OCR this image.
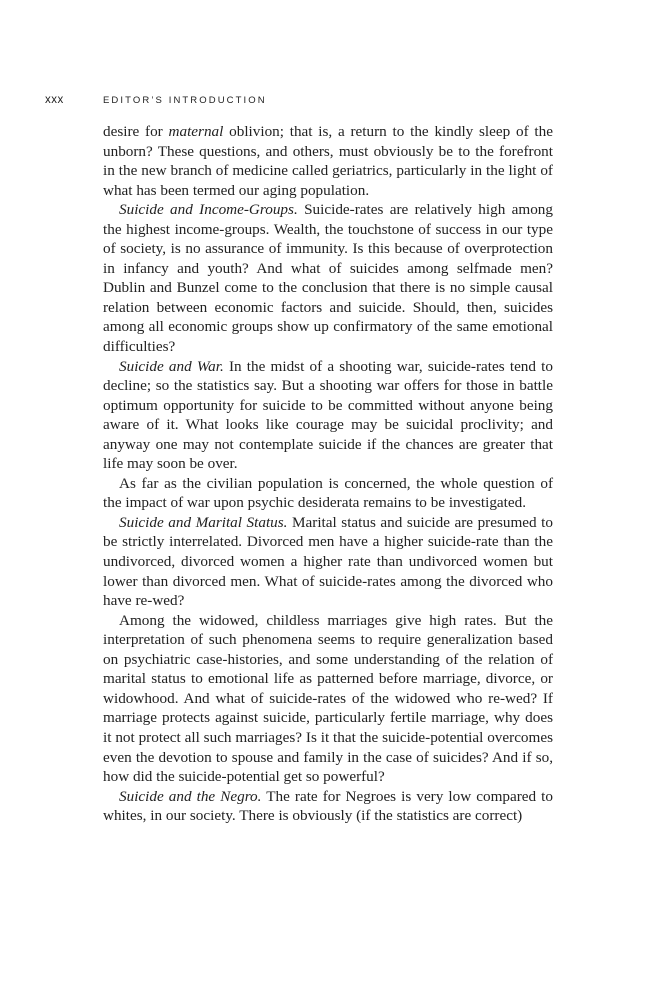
xxx	EDITOR’S INTRODUCTION

desire for maternal oblivion; that is, a return to the kindly sleep of the unborn? These questions, and others, must obviously be to the forefront in the new branch of medicine called geriatrics, particularly in the light of what has been termed our aging population.

Suicide and Income-Groups. Suicide-rates are relatively high among the highest income-groups. Wealth, the touchstone of success in our type of society, is no assurance of immunity. Is this because of overprotection in infancy and youth? And what of suicides among selfmade men? Dublin and Bunzel come to the conclusion that there is no simple causal relation between economic factors and suicide. Should, then, suicides among all economic groups show up confirmatory of the same emotional difficulties?

Suicide and War. In the midst of a shooting war, suicide-rates tend to decline; so the statistics say. But a shooting war offers for those in battle optimum opportunity for suicide to be committed without anyone being aware of it. What looks like courage may be suicidal proclivity; and anyway one may not contemplate suicide if the chances are greater that life may soon be over.

As far as the civilian population is concerned, the whole question of the impact of war upon psychic desiderata remains to be investigated.

Suicide and Marital Status. Marital status and suicide are presumed to be strictly interrelated. Divorced men have a higher suicide-rate than the undivorced, divorced women a higher rate than undivorced women but lower than divorced men. What of suicide-rates among the divorced who have re-wed?

Among the widowed, childless marriages give high rates. But the interpretation of such phenomena seems to require generalization based on psychiatric case-histories, and some understanding of the relation of marital status to emotional life as patterned before marriage, divorce, or widowhood. And what of suicide-rates of the widowed who re-wed? If marriage protects against suicide, particularly fertile marriage, why does it not protect all such marriages? Is it that the suicide-potential overcomes even the devotion to spouse and family in the case of suicides? And if so, how did the suicide-potential get so powerful?

Suicide and the Negro. The rate for Negroes is very low compared to whites, in our society. There is obviously (if the statistics are correct)
